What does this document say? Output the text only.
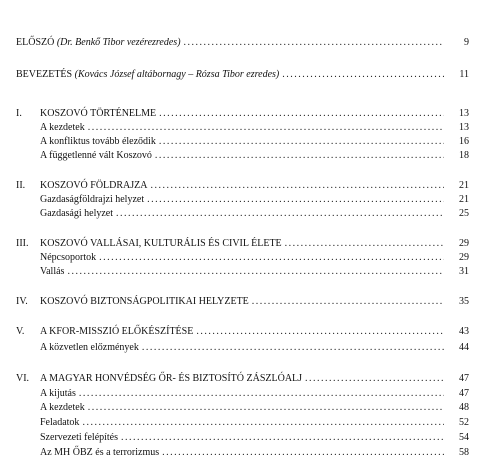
ELŐSZÓ (Dr. Benkő Tibor vezérezredes) .....	9
BEVEZETÉS (Kovács József altábornagy – Rózsa Tibor ezredes) .....	11
I.	KOSZOVÓ TÖRTÉNELME .....	13
A kezdetek .....	13
A konfliktus tovább éleződik .....	16
A függetlenné vált Koszovó .....	18
II.	KOSZOVÓ FÖLDRAJZA .....	21
Gazdaságföldrajzi helyzet .....	21
Gazdasági helyzet .....	25
III.	KOSZOVÓ VALLÁSAI, KULTURÁLIS ÉS CIVIL ÉLETE .....	29
Népcsoportok .....	29
Vallás .....	31
IV.	KOSZOVÓ BIZTONSÁGPOLITIKAI HELYZETE .....	35
V.	A KFOR-MISSZIÓ ELŐKÉSZÍTÉSE .....	43
A közvetlen előzmények .....	44
VI.	A MAGYAR HONVÉDSÉG ŐR- ÉS BIZTOSÍTÓ ZÁSZLÓALJ .....	47
A kijutás .....	47
A kezdetek .....	48
Feladatok .....	52
Szervezeti felépítés .....	54
Az MH ŐBZ és a terrorizmus .....	58
